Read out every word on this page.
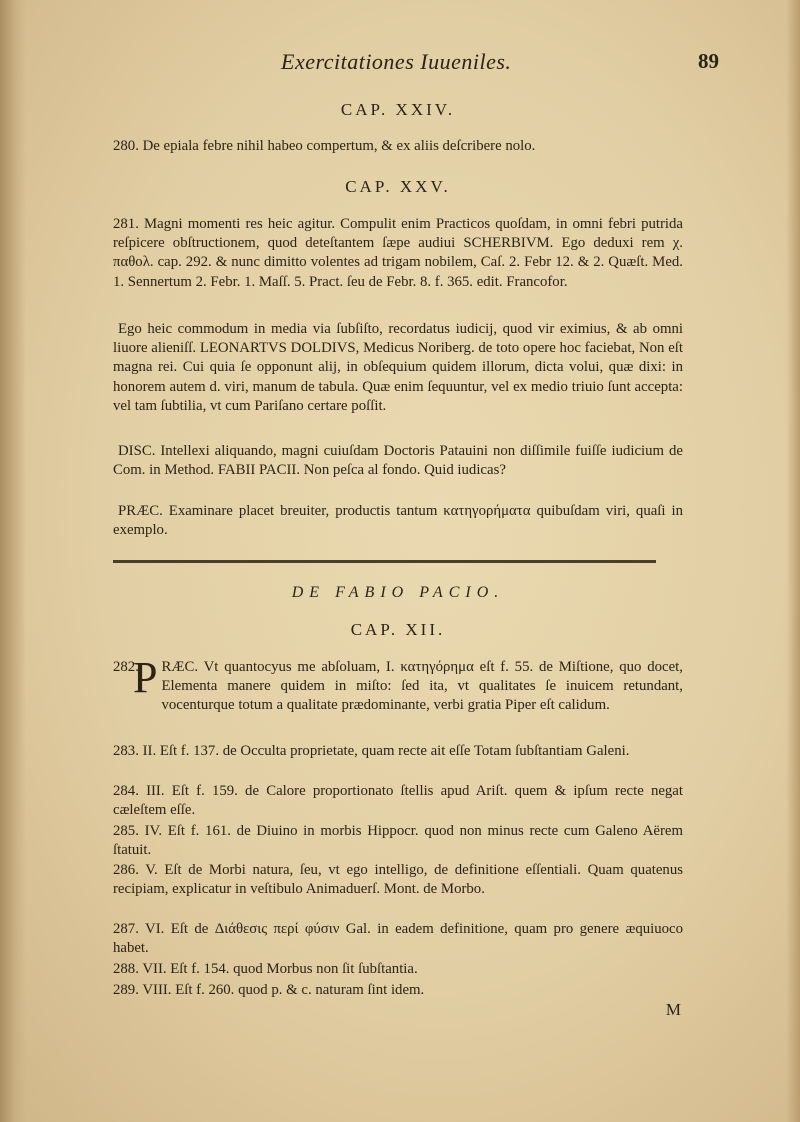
Exercitationes Iuueniles.	89
CAP. XXIV.
280. De epiala febre nihil habeo compertum, & ex aliis deſcribere nolo.
CAP. XXV.
281. Magni momenti res heic agitur. Compulit enim Practicos quoſdam, in omni febri putrida reſpicere obſtructionem, quod deteſtantem ſæpe audiui SCHERBIVM. Ego deduxi rem χ. παθολ. cap. 292. & nunc dimitto volentes ad trigam nobilem, Caſ. 2. Febr 12. & 2. Quæſt. Med. 1. Sennertum 2. Febr. 1. Maſſ. 5. Pract. ſeu de Febr. 8. f. 365. edit. Francofor.
Ego heic commodum in media via ſubſiſto, recordatus iudicij, quod vir eximius, & ab omni liuore alieniſſ. LEONARTVS DOLDIVS, Medicus Noriberg. de toto opere hoc faciebat, Non eſt magna rei. Cui quia ſe opponunt alij, in obſequium quidem illorum, dicta volui, quæ dixi: in honorem autem d. viri, manum de tabula. Quæ enim ſequuntur, vel ex medio triuio ſunt accepta: vel tam ſubtilia, vt cum Pariſano certare poſſit.
DISC. Intellexi aliquando, magni cuiuſdam Doctoris Patauini non diſſimile fuiſſe iudicium de Com. in Method. FABII PACII. Non peſca al fondo. Quid iudicas?
PRÆC. Examinare placet breuiter, productis tantum κατηγορήματα quibuſdam viri, quaſi in exemplo.
DE FABIO PACIO.
CAP. XII.
282.
P RÆC. Vt quantocyus me abſoluam, I. κατηγόρημα eſt f. 55. de Miſtione, quo docet, Elementa manere quidem in miſto: ſed ita, vt qualitates ſe inuicem retundant, vocenturque totum a qualitate prædominante, verbi gratia Piper eſt calidum.
283. II. Eſt f. 137. de Occulta proprietate, quam recte ait eſſe Totam ſubſtantiam Galeni.
284. III. Eſt f. 159. de Calore proportionato ſtellis apud Ariſt. quem & ipſum recte negat cæleſtem eſſe.
285. IV. Eſt f. 161. de Diuino in morbis Hippocr. quod non minus recte cum Galeno Aërem ſtatuit.
286. V. Eſt de Morbi natura, ſeu, vt ego intelligo, de definitione eſſentiali. Quam quatenus recipiam, explicatur in veſtibulo Animaduerſ. Mont. de Morbo.
287. VI. Eſt de Διάθεσις περί φύσιν Gal. in eadem definitione, quam pro genere æquiuoco habet.
288. VII. Eſt f. 154. quod Morbus non ſit ſubſtantia.
289. VIII. Eſt f. 260. quod p. & c. naturam ſint idem.
M
